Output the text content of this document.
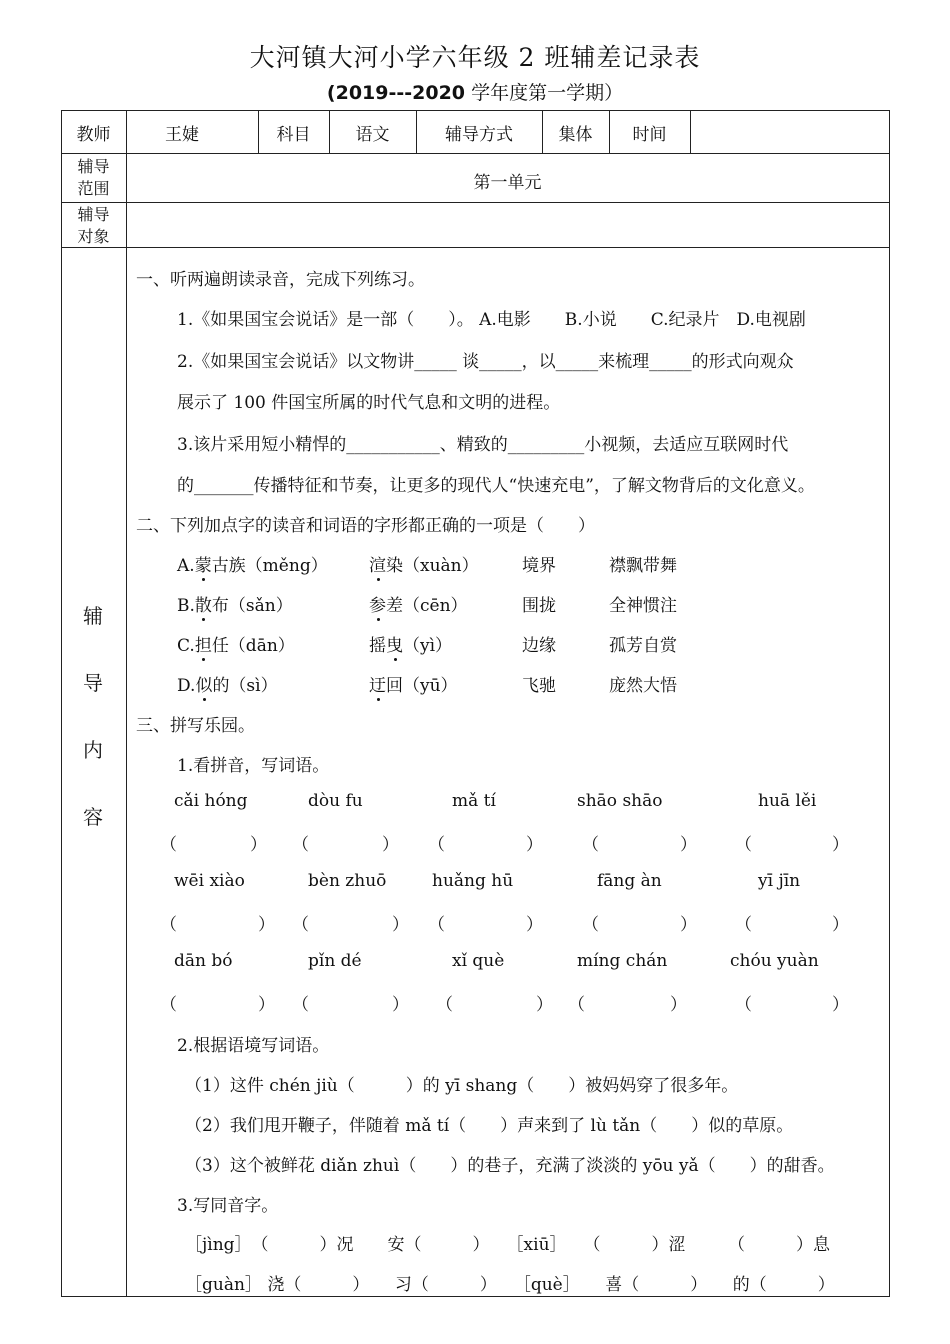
大河镇大河小学六年级 2 班辅差记录表
(2019---2020 学年度第一学期）
教师	王婕	科目	语文	辅导方式	集体	时间
辅导
范围	第一单元
辅导
对象
辅
导
内
容
一、听两遍朗读录音，完成下列练习。
1.《如果国宝会说话》是一部（　　）。 A.电影　　B.小说　　C.纪录片　D.电视剧
2.《如果国宝会说话》以文物讲_____ 谈_____，以_____来梳理_____的形式向观众
展示了 100 件国宝所属的时代气息和文明的进程。
3.该片采用短小精悍的___________、精致的_________小视频，去适应互联网时代
的_______传播特征和节奏，让更多的现代人“快速充电”，了解文物背后的文化意义。
二、下列加点字的读音和词语的字形都正确的一项是（　　）
A.蒙古族（měng） 渲染（xuàn）	境界	襟飘带舞
B.散布（sǎn）	参差（cēn）	围拢	全神惯注
C.担任（dān）	摇曳（yì）	边缘	孤芳自赏
D.似的（sì）	迂回（yū）	飞驰	庞然大悟
三、拼写乐园。
1.看拼音，写词语。
cǎi hóng
（	）
dòu fu
（	）
mǎ tí
（	）
shāo shāo
（	）
huā lěi
（	）
wēi xiào
（	）
bèn zhuō
（	）
huǎng hū
（	）
fāng àn
（	）
yī jīn
（	）
dān bó
（	）
pǐn dé
（	）
xǐ què
（	）
míng chán
（	）
chóu yuàn
（	）
2.根据语境写词语。
（1）这件 chén jiù（　　　）的 yī shang（　　）被妈妈穿了很多年。
（2）我们甩开鞭子，伴随着 mǎ tí（　　）声来到了 lù tǎn（　　）似的草原。
（3）这个被鲜花 diǎn zhuì（　　）的巷子，充满了淡淡的 yōu yǎ（　　）的甜香。
3.写同音字。
［jìng］　（　　　）况　　安（　　　）　　［xiū］　　（　　　）涩　　　（　　　）息
［guàn］ 浇（　　　）　　习（　　　）　　［què］　　喜（　　　）　　的（　　　）
